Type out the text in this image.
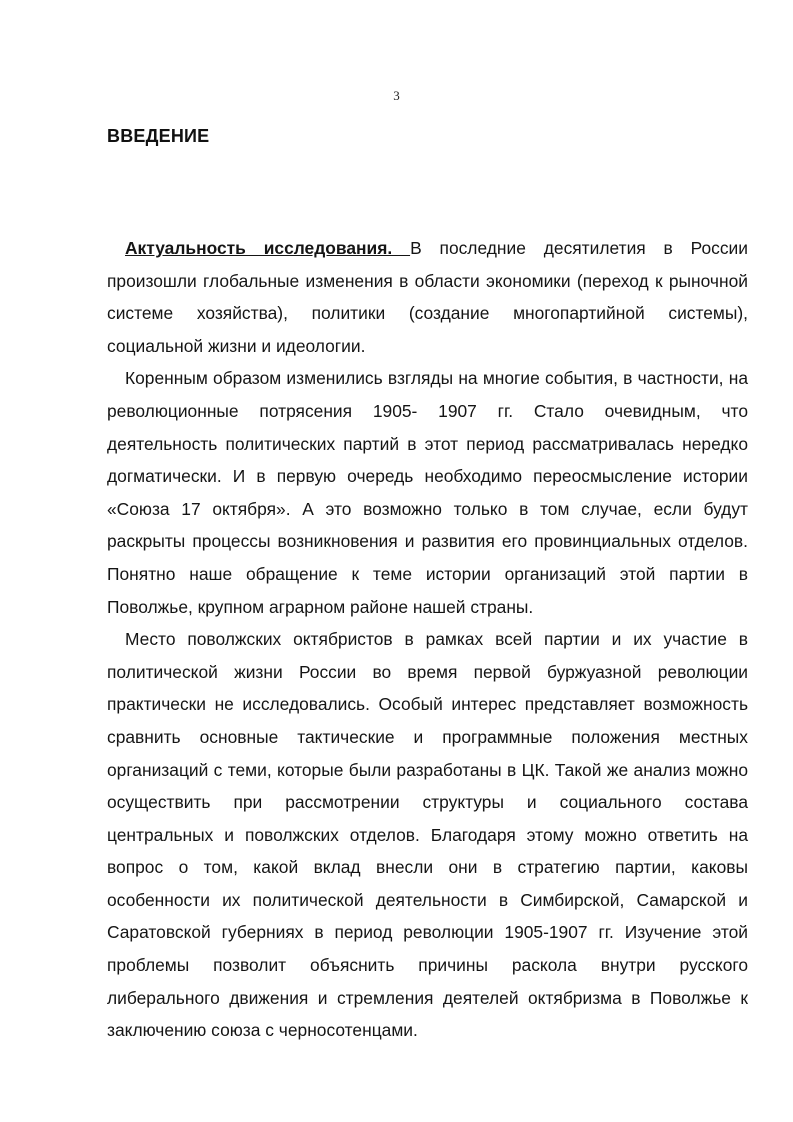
3
ВВЕДЕНИЕ

Актуальность исследования. В последние десятилетия в России произошли глобальные изменения в области экономики (переход к рыночной системе хозяйства), политики (создание многопартийной системы), социальной жизни и идеологии.

Коренным образом изменились взгляды на многие события, в частности, на революционные потрясения 1905- 1907 гг. Стало очевидным, что деятельность политических партий в этот период рассматривалась нередко догматически. И в первую очередь необходимо переосмысление истории «Союза 17 октября». А это возможно только в том случае, если будут раскрыты процессы возникновения и развития его провинциальных отделов. Понятно наше обращение к теме истории организаций этой партии в Поволжье, крупном аграрном районе нашей страны.

Место поволжских октябристов в рамках всей партии и их участие в политической жизни России во время первой буржуазной революции практически не исследовались. Особый интерес представляет возможность сравнить основные тактические и программные положения местных организаций с теми, которые были разработаны в ЦК. Такой же анализ можно осуществить при рассмотрении структуры и социального состава центральных и поволжских отделов. Благодаря этому можно ответить на вопрос о том, какой вклад внесли они в стратегию партии, каковы особенности их политической деятельности в Симбирской, Самарской и Саратовской губерниях в период революции 1905-1907 гг. Изучение этой проблемы позволит объяснить причины раскола внутри русского либерального движения и стремления деятелей октябризма в Поволжье к заключению союза с черносотенцами.
